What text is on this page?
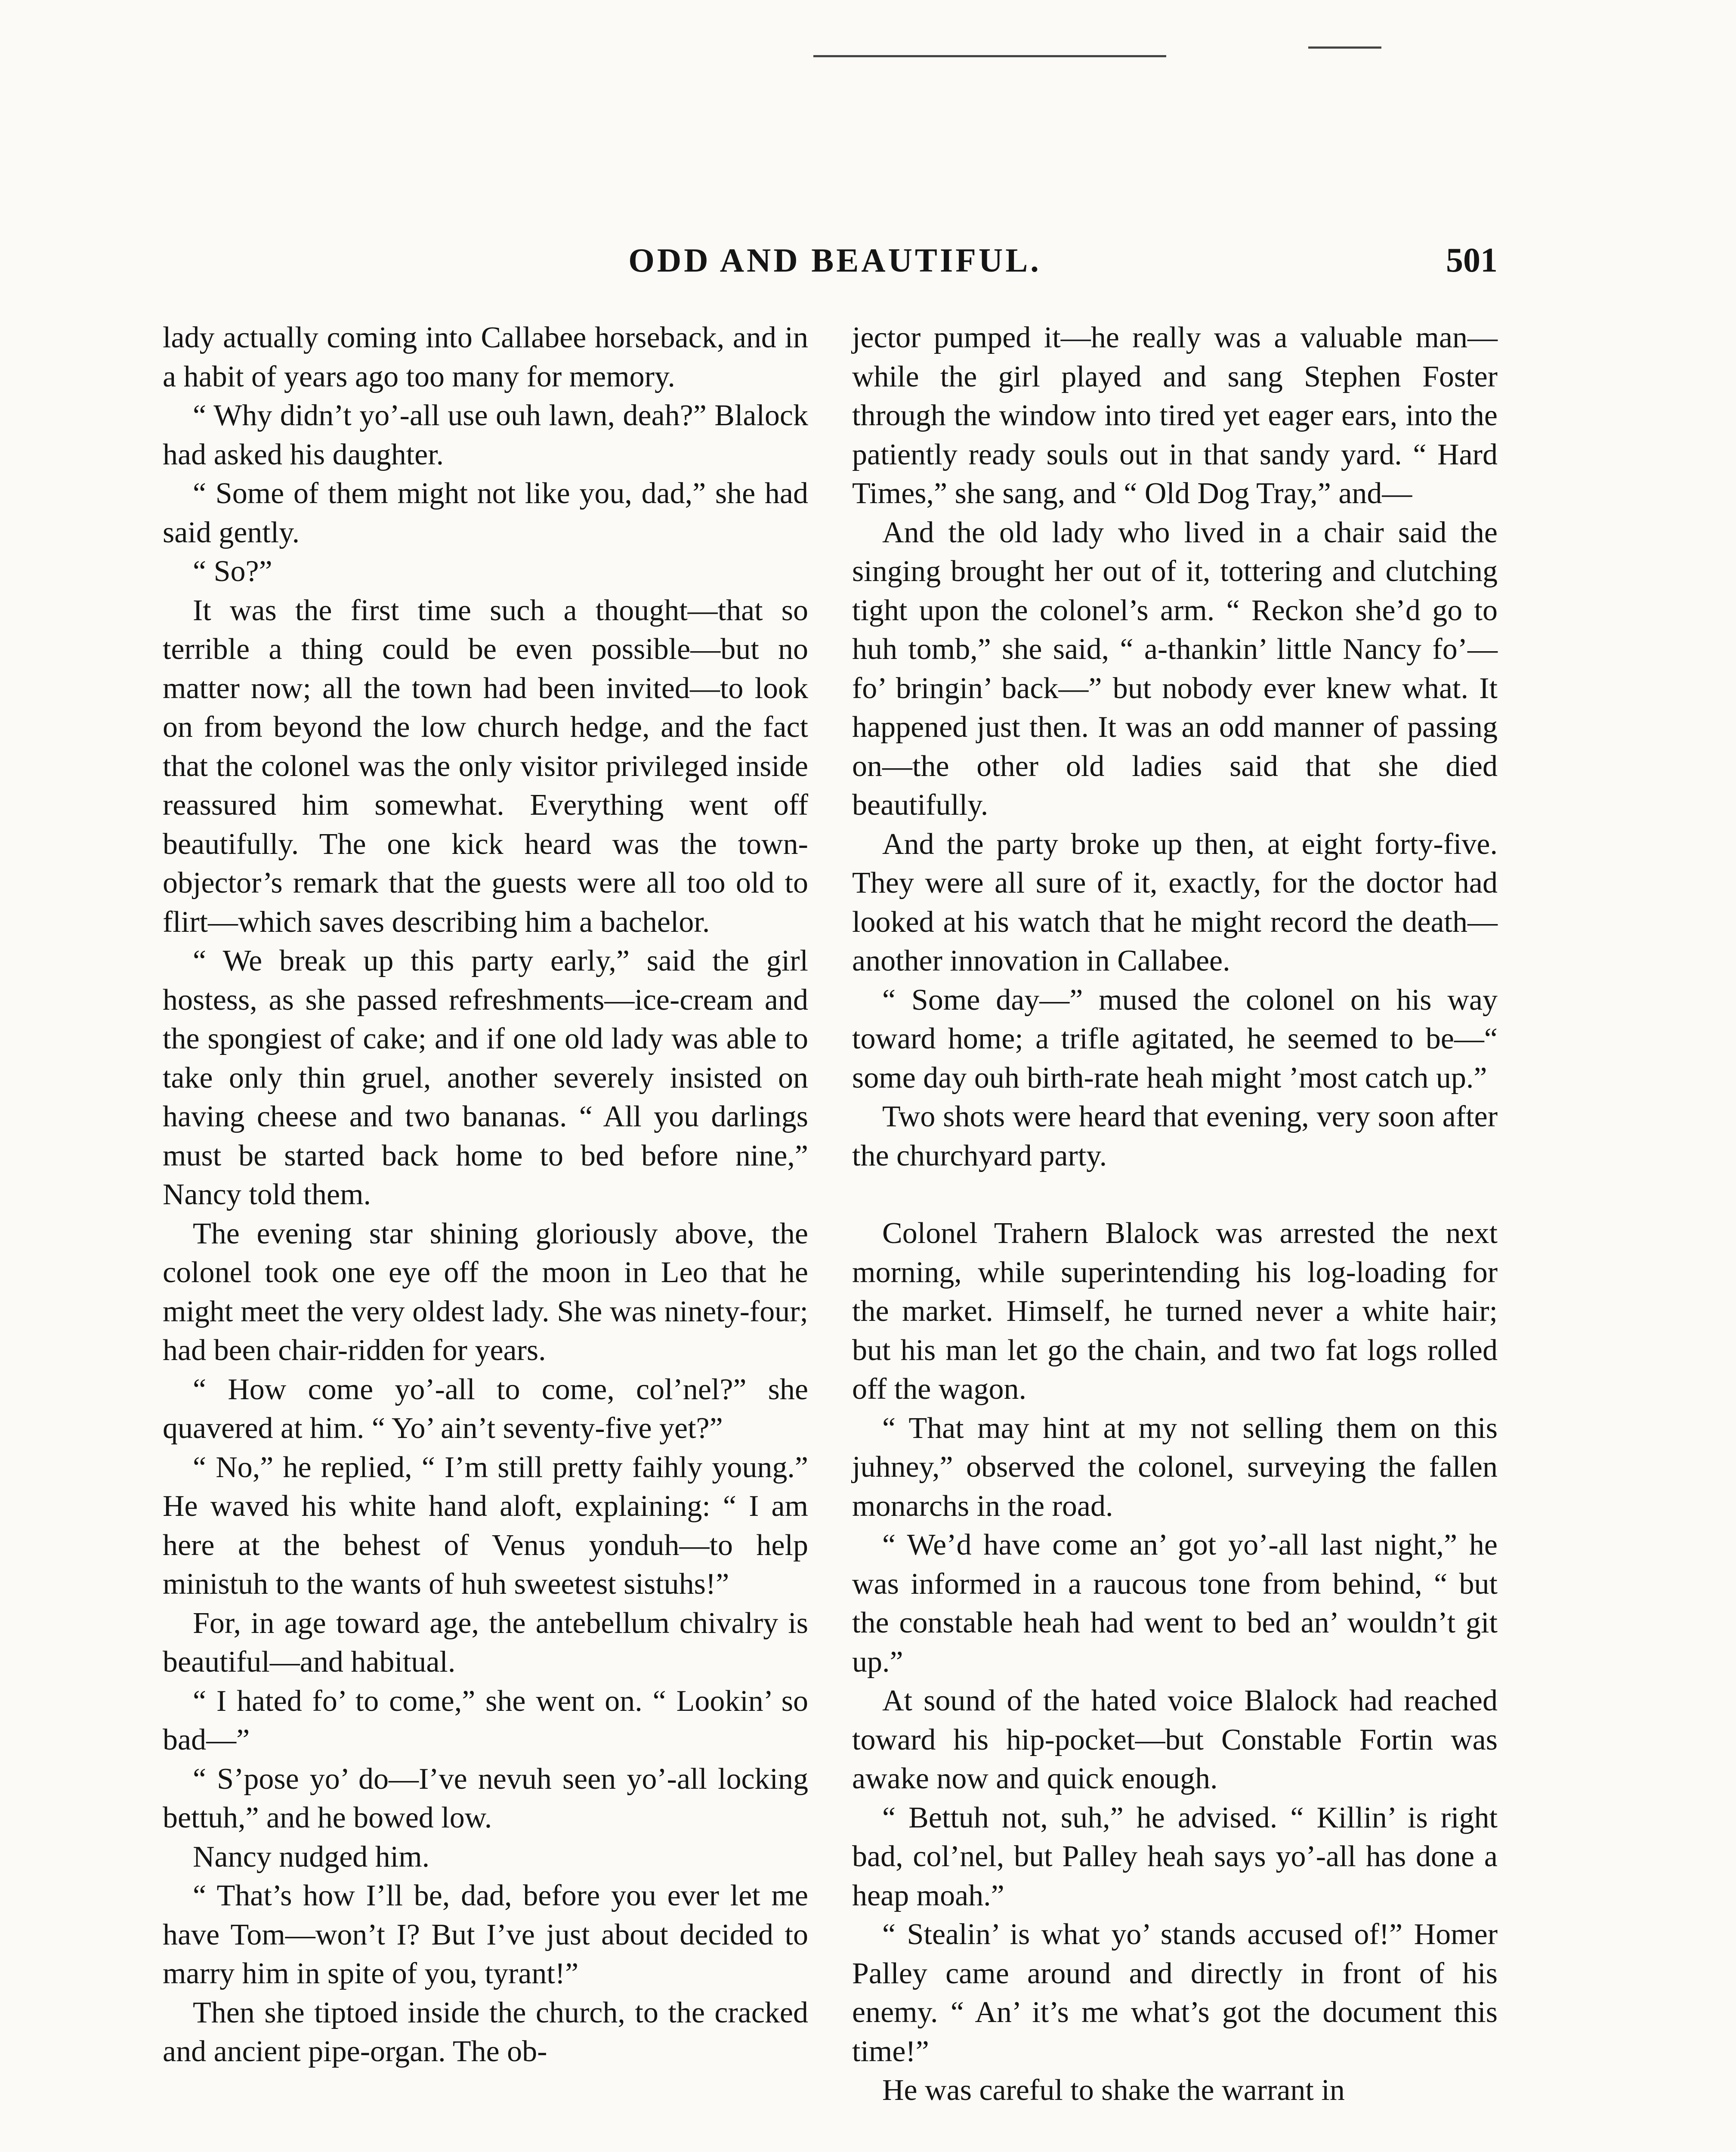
ODD AND BEAUTIFUL.	501

lady actually coming into Callabee horseback, and in a habit of years ago too many for memory.

“ Why didn’t yo’-all use ouh lawn, deah?” Blalock had asked his daughter.

“ Some of them might not like you, dad,” she had said gently.

“ So?”

It was the first time such a thought—that so terrible a thing could be even possible—but no matter now; all the town had been invited—to look on from beyond the low church hedge, and the fact that the colonel was the only visitor privileged inside reassured him somewhat. Everything went off beautifully. The one kick heard was the town-objector’s remark that the guests were all too old to flirt—which saves describing him a bachelor.

“ We break up this party early,” said the girl hostess, as she passed refreshments—ice-cream and the spongiest of cake; and if one old lady was able to take only thin gruel, another severely insisted on having cheese and two bananas. “ All you darlings must be started back home to bed before nine,” Nancy told them.

The evening star shining gloriously above, the colonel took one eye off the moon in Leo that he might meet the very oldest lady. She was ninety-four; had been chair-ridden for years.

“ How come yo’-all to come, col’nel?” she quavered at him. “ Yo’ ain’t seventy-five yet?”

“ No,” he replied, “ I’m still pretty faihly young.” He waved his white hand aloft, explaining: “ I am here at the behest of Venus yonduh—to help ministuh to the wants of huh sweetest sistuhs!”

For, in age toward age, the antebellum chivalry is beautiful—and habitual.

“ I hated fo’ to come,” she went on. “ Lookin’ so bad—”

“ S’pose yo’ do—I’ve nevuh seen yo’-all locking bettuh,” and he bowed low.

Nancy nudged him.

“ That’s how I’ll be, dad, before you ever let me have Tom—won’t I? But I’ve just about decided to marry him in spite of you, tyrant!”

Then she tiptoed inside the church, to the cracked and ancient pipe-organ. The ob-

jector pumped it—he really was a valuable man—while the girl played and sang Stephen Foster through the window into tired yet eager ears, into the patiently ready souls out in that sandy yard. “ Hard Times,” she sang, and “ Old Dog Tray,” and—

And the old lady who lived in a chair said the singing brought her out of it, tottering and clutching tight upon the colonel’s arm. “ Reckon she’d go to huh tomb,” she said, “ a-thankin’ little Nancy fo’—fo’ bringin’ back—” but nobody ever knew what. It happened just then. It was an odd manner of passing on—the other old ladies said that she died beautifully.

And the party broke up then, at eight forty-five. They were all sure of it, exactly, for the doctor had looked at his watch that he might record the death—another innovation in Callabee.

“ Some day—” mused the colonel on his way toward home; a trifle agitated, he seemed to be—“ some day ouh birth-rate heah might ’most catch up.”

Two shots were heard that evening, very soon after the churchyard party.

Colonel Trahern Blalock was arrested the next morning, while superintending his log-loading for the market. Himself, he turned never a white hair; but his man let go the chain, and two fat logs rolled off the wagon.

“ That may hint at my not selling them on this juhney,” observed the colonel, surveying the fallen monarchs in the road.

“ We’d have come an’ got yo’-all last night,” he was informed in a raucous tone from behind, “ but the constable heah had went to bed an’ wouldn’t git up.”

At sound of the hated voice Blalock had reached toward his hip-pocket—but Constable Fortin was awake now and quick enough.

“ Bettuh not, suh,” he advised. “ Killin’ is right bad, col’nel, but Palley heah says yo’-all has done a heap moah.”

“ Stealin’ is what yo’ stands accused of!” Homer Palley came around and directly in front of his enemy. “ An’ it’s me what’s got the document this time!”

He was careful to shake the warrant in
